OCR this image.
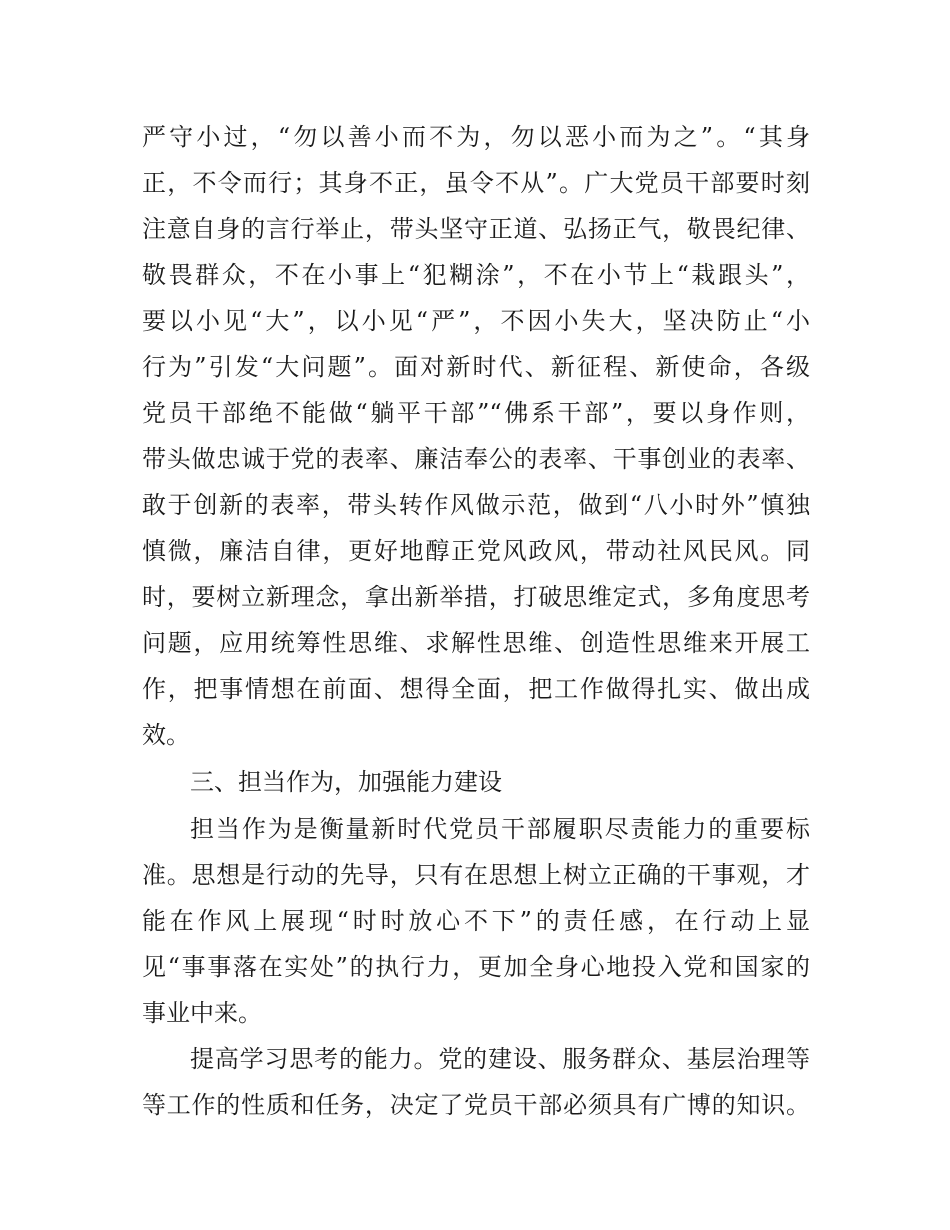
严守小过，“勿以善小而不为，勿以恶小而为之”。“其身
正，不令而行；其身不正，虽令不从”。广大党员干部要时刻
注意自身的言行举止，带头坚守正道、弘扬正气，敬畏纪律、
敬畏群众，不在小事上“犯糊涂”，不在小节上“栽跟头”，
要以小见“大”，以小见“严”，不因小失大，坚决防止“小
行为”引发“大问题”。面对新时代、新征程、新使命，各级
党员干部绝不能做“躺平干部”“佛系干部”，要以身作则，
带头做忠诚于党的表率、廉洁奉公的表率、干事创业的表率、
敢于创新的表率，带头转作风做示范，做到“八小时外”慎独
慎微，廉洁自律，更好地醇正党风政风，带动社风民风。同
时，要树立新理念，拿出新举措，打破思维定式，多角度思考
问题，应用统筹性思维、求解性思维、创造性思维来开展工
作，把事情想在前面、想得全面，把工作做得扎实、做出成
效。
三、担当作为，加强能力建设
担当作为是衡量新时代党员干部履职尽责能力的重要标
准。思想是行动的先导，只有在思想上树立正确的干事观，才
能在作风上展现“时时放心不下”的责任感，在行动上显
见“事事落在实处”的执行力，更加全身心地投入党和国家的
事业中来。
提高学习思考的能力。党的建设、服务群众、基层治理等
等工作的性质和任务，决定了党员干部必须具有广博的知识。
